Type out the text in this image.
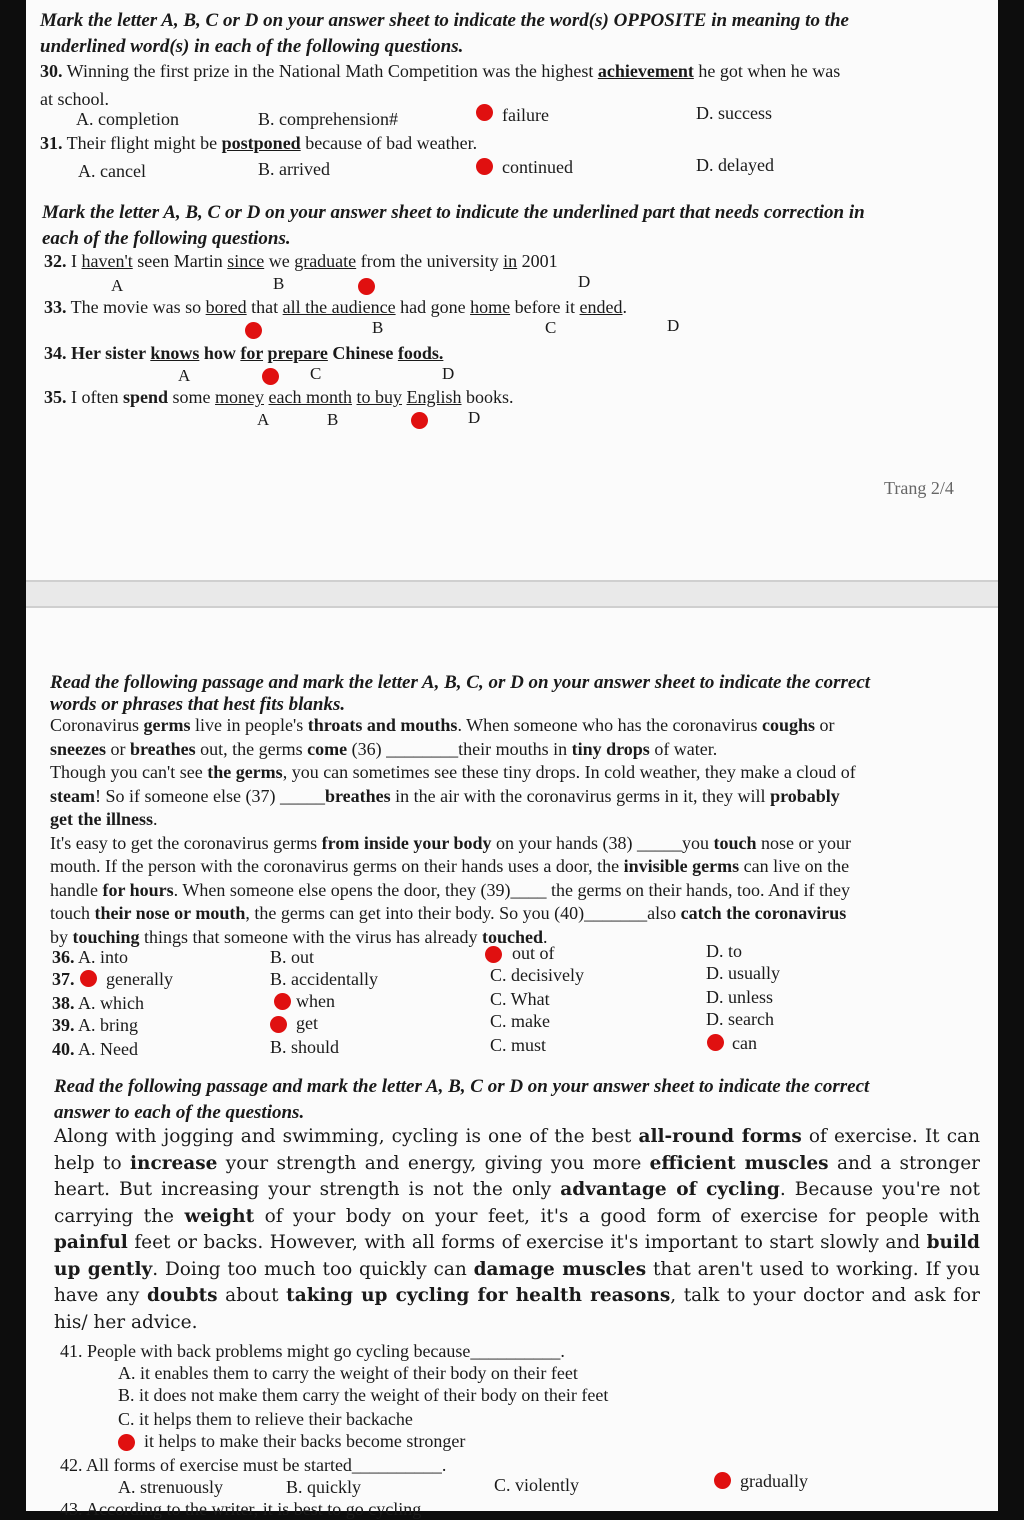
Mark the letter A, B, C or D on your answer sheet to indicate the word(s) OPPOSITE in meaning to the
underlined word(s) in each of the following questions.
30. Winning the first prize in the National Math Competition was the highest achievement he got when he was
at school.
A. completion	B. comprehension#	failure	D. success
31. Their flight might be postponed because of bad weather.
A. cancel	B. arrived	continued	D. delayed
Mark the letter A, B, C or D on your answer sheet to indicute the underlined part that needs correction in
each of the following questions.
32. I haven't seen Martin since we graduate from the university in 2001
A	B	D
33. The movie was so bored that all the audience had gone home before it ended.
B	C	D
34. Her sister knows how for prepare Chinese foods.
A	C	D
35. I often spend some money each month to buy English books.
A	B	D
Trang 2/4
Read the following passage and mark the letter A, B, C, or D on your answer sheet to indicate the correct
words or phrases that hest fits blanks.
Coronavirus germs live in people's throats and mouths. When someone who has the coronavirus coughs or
sneezes or breathes out, the germs come (36) ________their mouths in tiny drops of water.
Though you can't see the germs, you can sometimes see these tiny drops. In cold weather, they make a cloud of
steam! So if someone else (37) _____breathes in the air with the coronavirus germs in it, they will probably
get the illness.
It's easy to get the coronavirus germs from inside your body on your hands (38) _____you touch nose or your
mouth. If the person with the coronavirus germs on their hands uses a door, the invisible germs can live on the
handle for hours. When someone else opens the door, they (39)____ the germs on their hands, too. And if they
touch their nose or mouth, the germs can get into their body. So you (40)_______also catch the coronavirus
by touching things that someone with the virus has already touched.
36. A. into	B. out	out of	D. to
37. generally	B. accidentally	C. decisively	D. usually
38. A. which	when	C. What	D. unless
39. A. bring	get	C. make	D. search
40. A. Need	B. should	C. must	can
Read the following passage and mark the letter A, B, C or D on your answer sheet to indicate the correct
answer to each of the questions.
Along with jogging and swimming, cycling is one of the best all-round forms of exercise. It can help to increase your strength and energy, giving you more efficient muscles and a stronger heart. But increasing your strength is not the only advantage of cycling. Because you're not carrying the weight of your body on your feet, it's a good form of exercise for people with painful feet or backs. However, with all forms of exercise it's important to start slowly and build up gently. Doing too much too quickly can damage muscles that aren't used to working. If you have any doubts about taking up cycling for health reasons, talk to your doctor and ask for his/ her advice.
41. People with back problems might go cycling because__________.
A. it enables them to carry the weight of their body on their feet
B. it does not make them carry the weight of their body on their feet
C. it helps them to relieve their backache
it helps to make their backs become stronger
42. All forms of exercise must be started__________.
A. strenuously	B. quickly	C. violently	gradually
43. According to the writer, it is best to go cycling
